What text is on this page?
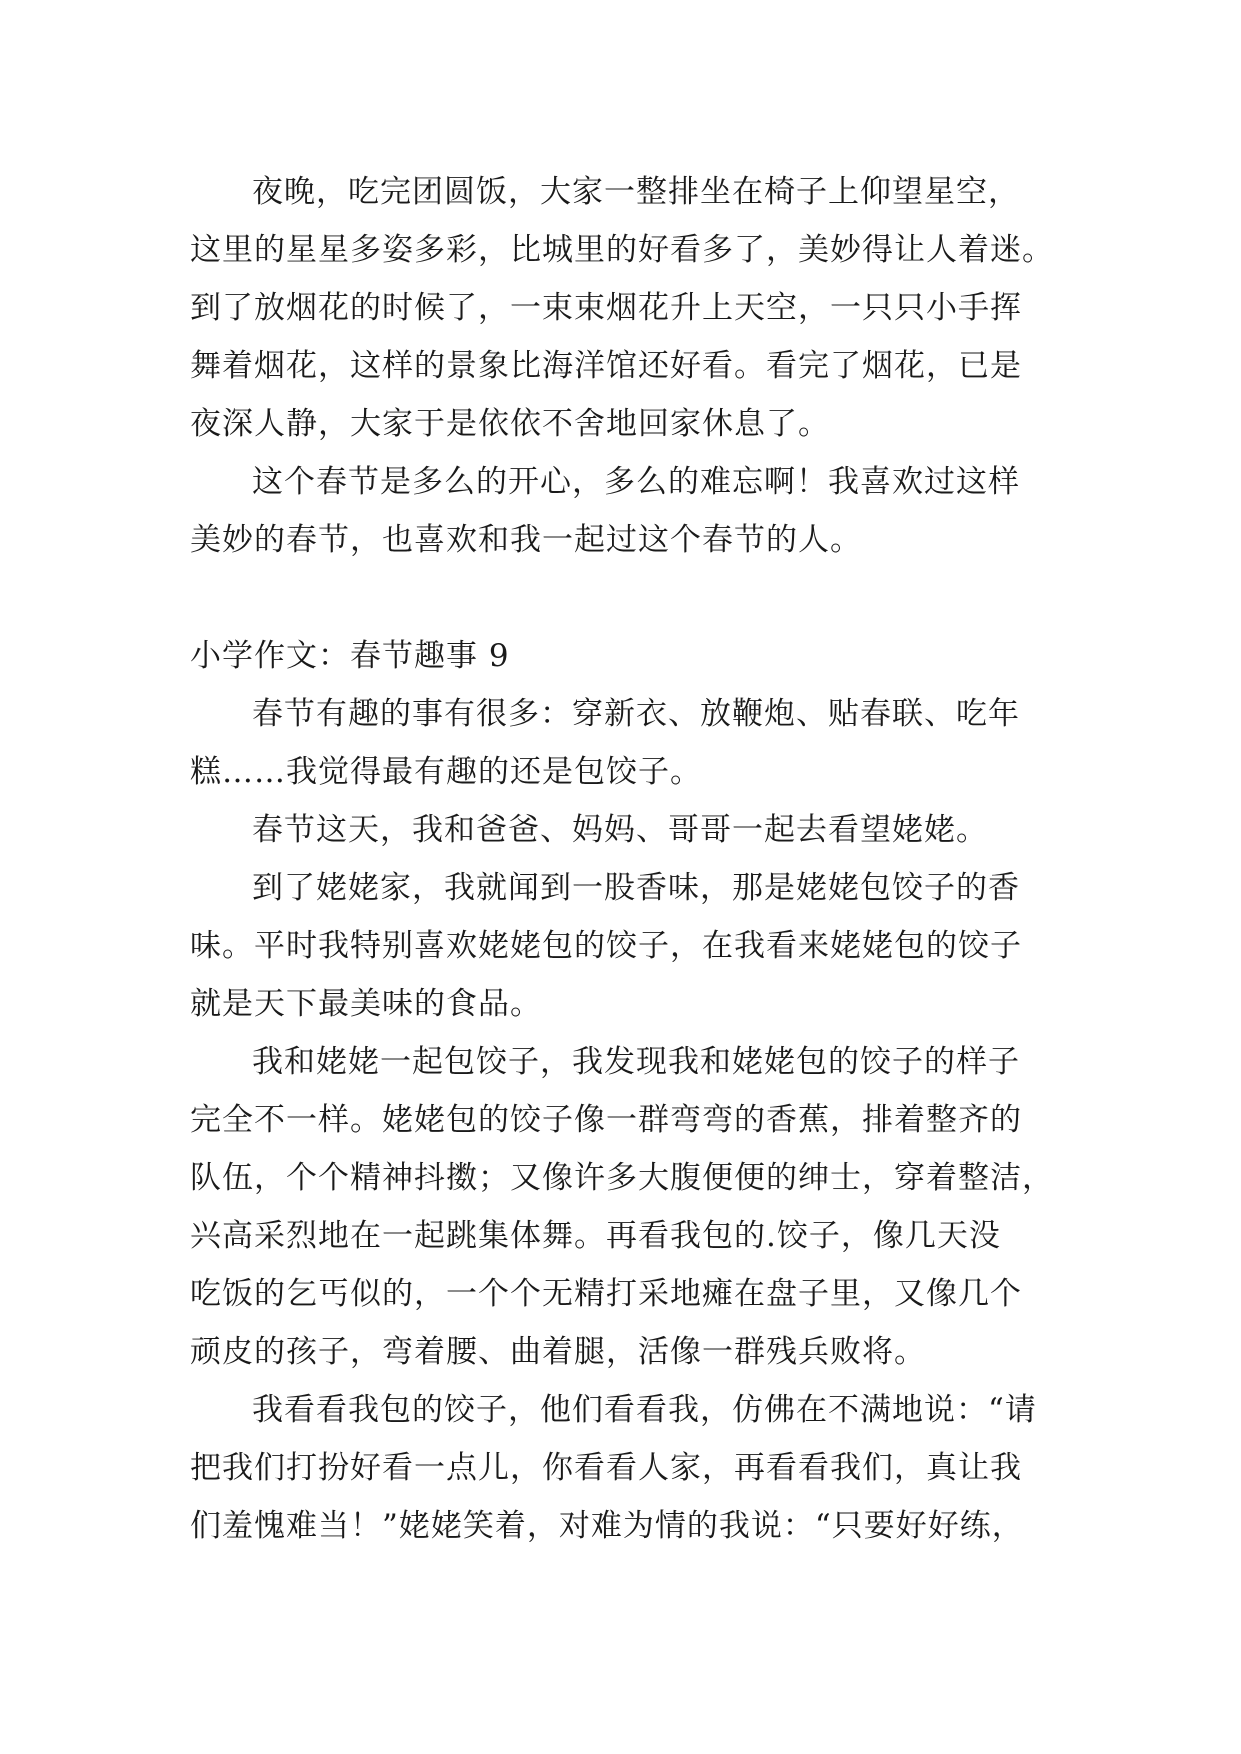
夜晚，吃完团圆饭，大家一整排坐在椅子上仰望星空，
这里的星星多姿多彩，比城里的好看多了，美妙得让人着迷。
到了放烟花的时候了，一束束烟花升上天空，一只只小手挥
舞着烟花，这样的景象比海洋馆还好看。看完了烟花，已是
夜深人静，大家于是依依不舍地回家休息了。
这个春节是多么的开心，多么的难忘啊！我喜欢过这样
美妙的春节，也喜欢和我一起过这个春节的人。
小学作文：春节趣事 9
春节有趣的事有很多：穿新衣、放鞭炮、贴春联、吃年
糕……我觉得最有趣的还是包饺子。
春节这天，我和爸爸、妈妈、哥哥一起去看望姥姥。
到了姥姥家，我就闻到一股香味，那是姥姥包饺子的香
味。平时我特别喜欢姥姥包的饺子，在我看来姥姥包的饺子
就是天下最美味的食品。
我和姥姥一起包饺子，我发现我和姥姥包的饺子的样子
完全不一样。姥姥包的饺子像一群弯弯的香蕉，排着整齐的
队伍，个个精神抖擞；又像许多大腹便便的绅士，穿着整洁，
兴高采烈地在一起跳集体舞。再看我包的.饺子，像几天没
吃饭的乞丐似的，一个个无精打采地瘫在盘子里，又像几个
顽皮的孩子，弯着腰、曲着腿，活像一群残兵败将。
我看看我包的饺子，他们看看我，仿佛在不满地说：“请
把我们打扮好看一点儿，你看看人家，再看看我们，真让我
们羞愧难当！”姥姥笑着，对难为情的我说：“只要好好练，
